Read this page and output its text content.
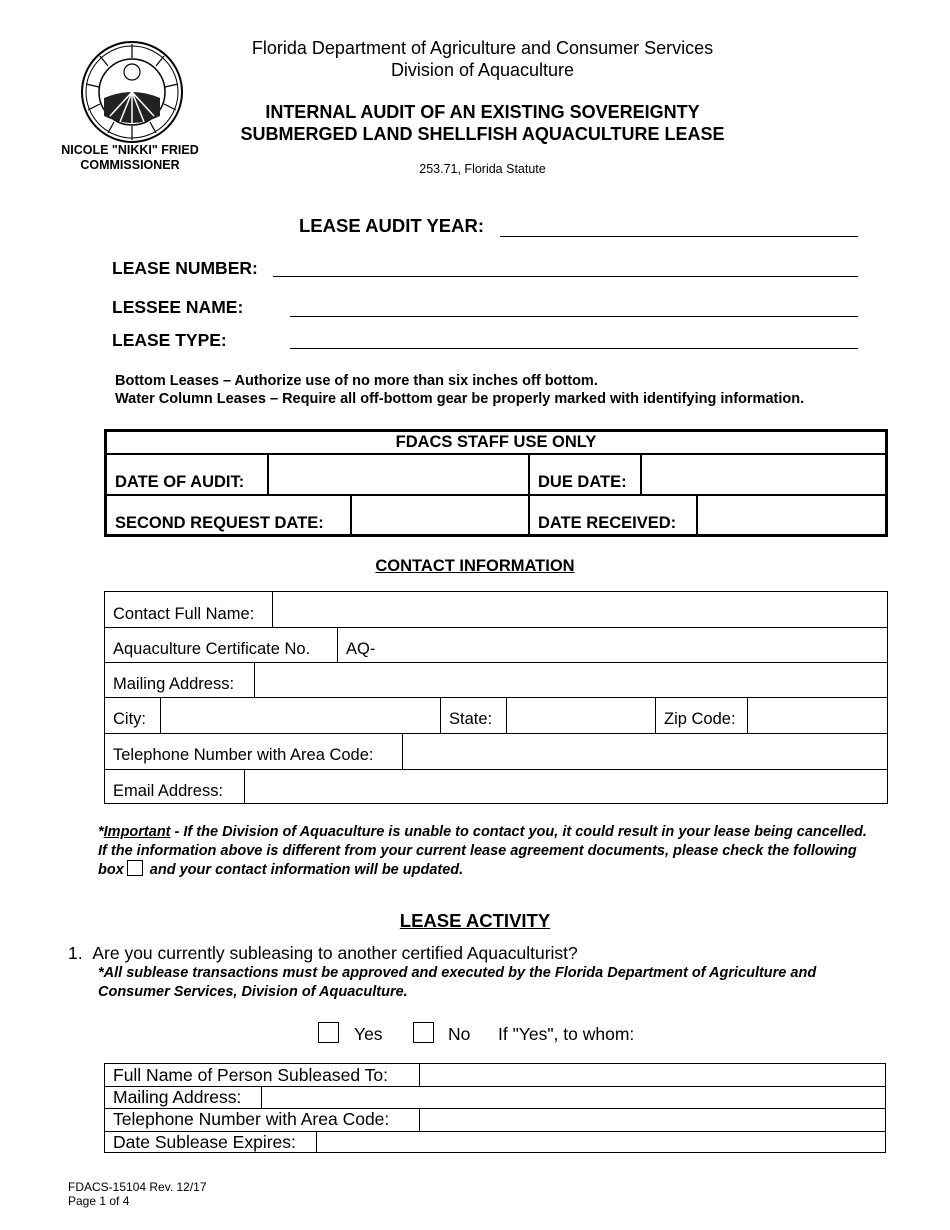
NICOLE "NIKKI" FRIED
COMMISSIONER
Florida Department of Agriculture and Consumer Services
Division of Aquaculture
INTERNAL AUDIT OF AN EXISTING SOVEREIGNTY
SUBMERGED LAND SHELLFISH AQUACULTURE LEASE
253.71, Florida Statute
LEASE AUDIT YEAR:
LEASE NUMBER:
LESSEE NAME:
LEASE TYPE:
Bottom Leases – Authorize use of no more than six inches off bottom.
Water Column Leases – Require all off-bottom gear be properly marked with identifying information.
FDACS STAFF USE ONLY
DATE OF AUDIT:	DUE DATE:
SECOND REQUEST DATE:	DATE RECEIVED:
CONTACT INFORMATION
Contact Full Name:
Aquaculture Certificate No.	AQ-
Mailing Address:
City:	State:	Zip Code:
Telephone Number with Area Code:
Email Address:
*Important - If the Division of Aquaculture is unable to contact you, it could result in your lease being cancelled. If the information above is different from your current lease agreement documents, please check the following box and your contact information will be updated.
LEASE ACTIVITY
1. Are you currently subleasing to another certified Aquaculturist?
*All sublease transactions must be approved and executed by the Florida Department of Agriculture and Consumer Services, Division of Aquaculture.
Yes	No If "Yes", to whom:
Full Name of Person Subleased To:
Mailing Address:
Telephone Number with Area Code:
Date Sublease Expires:
FDACS-15104 Rev. 12/17
Page 1 of 4
